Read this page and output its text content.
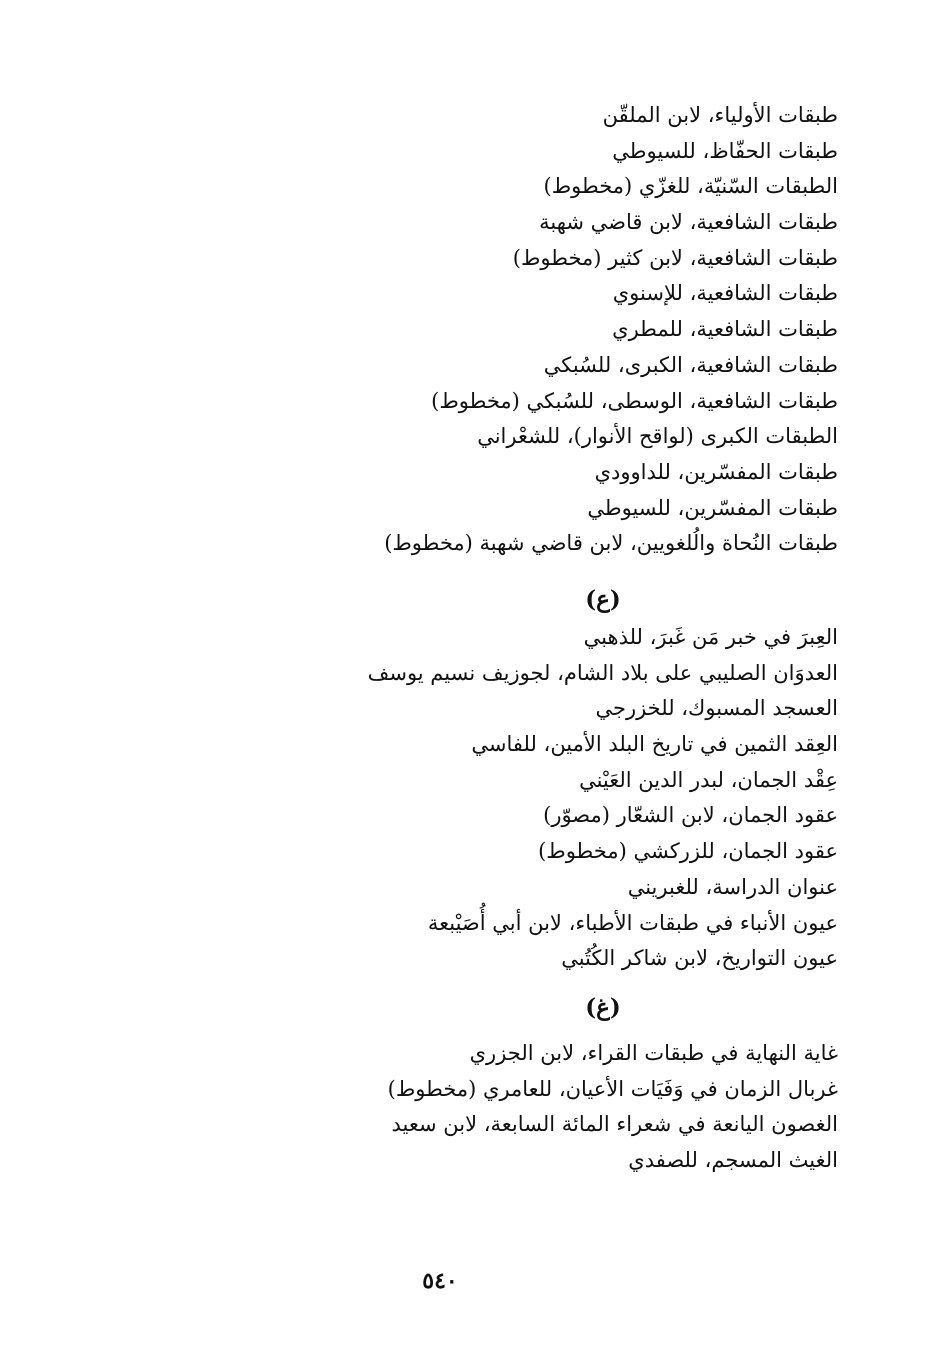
طبقات الأولياء، لابن الملقّن
طبقات الحفّاظ، للسيوطي
الطبقات السّنيّة، للغزّي (مخطوط)
طبقات الشافعية، لابن قاضي شهبة
طبقات الشافعية، لابن كثير (مخطوط)
طبقات الشافعية، للإسنوي
طبقات الشافعية، للمطري
طبقات الشافعية، الكبرى، للسُبكي
طبقات الشافعية، الوسطى، للسُبكي (مخطوط)
الطبقات الكبرى (لواقح الأنوار)، للشعْراني
طبقات المفسّرين، للداوودي
طبقات المفسّرين، للسيوطي
طبقات النُحاة والُلغويين، لابن قاضي شهبة (مخطوط)
(ع)
العِبرَ في خبر مَن غَبرَ، للذهبي
العدوَان الصليبي على بلاد الشام، لجوزيف نسيم يوسف
العسجد المسبوك، للخزرجي
العِقد الثمين في تاريخ البلد الأمين، للفاسي
عِقْد الجمان، لبدر الدين العَيْني
عقود الجمان، لابن الشعّار (مصوّر)
عقود الجمان، للزركشي (مخطوط)
عنوان الدراسة، للغبريني
عيون الأنباء في طبقات الأطباء، لابن أبي أُصَيْبعة
عيون التواريخ، لابن شاكر الكُتُبي
(غ)
غاية النهاية في طبقات القراء، لابن الجزري
غربال الزمان في وَفَيَات الأعيان، للعامري (مخطوط)
الغصون اليانعة في شعراء المائة السابعة، لابن سعيد
الغيث المسجم، للصفدي
٥٤٠
